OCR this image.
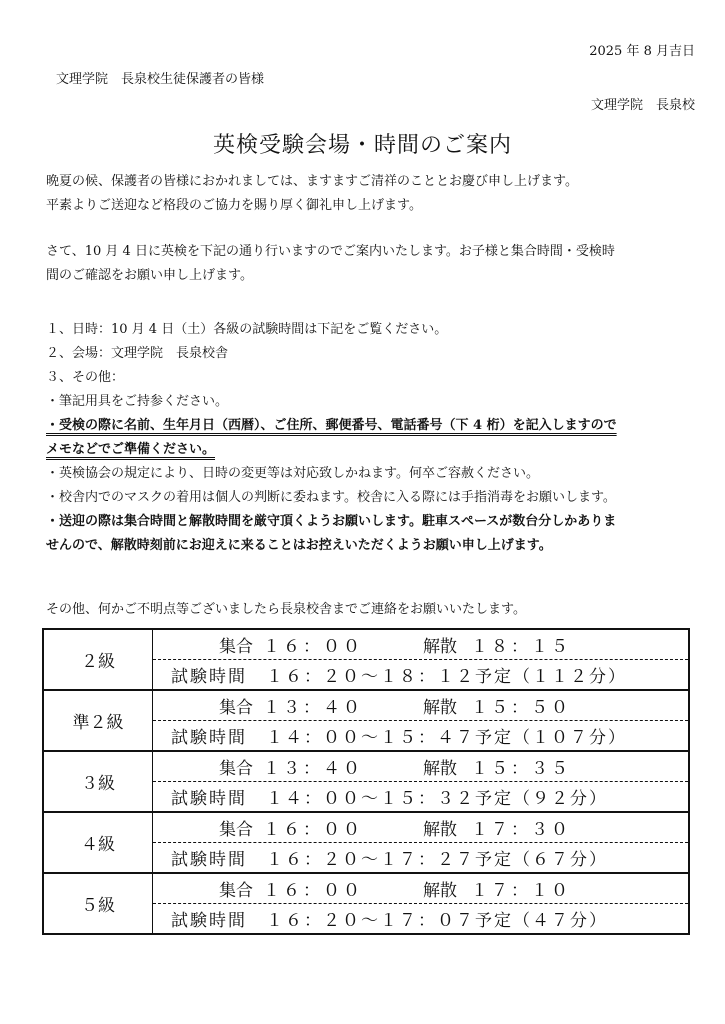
2025 年 8 月吉日
文理学院　長泉校生徒保護者の皆様
文理学院　長泉校
英検受験会場・時間のご案内
晩夏の候、保護者の皆様におかれましては、ますますご清祥のこととお慶び申し上げます。
平素よりご送迎など格段のご協力を賜り厚く御礼申し上げます。
さて、10 月 4 日に英検を下記の通り行いますのでご案内いたします。お子様と集合時間・受検時
間のご確認をお願い申し上げます。
１、日時：10 月 4 日（土）各級の試験時間は下記をご覧ください。
２、会場：文理学院　長泉校舎
３、その他：
・筆記用具をご持参ください。
・受検の際に名前、生年月日（西暦）、ご住所、郵便番号、電話番号（下 4 桁）を記入しますので
メモなどでご準備ください。
・英検協会の規定により、日時の変更等は対応致しかねます。何卒ご容赦ください。
・校舎内でのマスクの着用は個人の判断に委ねます。校舎に入る際には手指消毒をお願いします。
・送迎の際は集合時間と解散時間を厳守頂くようお願いします。駐車スペースが数台分しかありま
せんので、解散時刻前にお迎えに来ることはお控えいただくようお願い申し上げます。
その他、何かご不明点等ございましたら長泉校舎までご連絡をお願いいたします。
２級	集合 １６：００ 解散 １８：１５
	試験時間　 １６：２０～１８：１２予定（１１２分）
準２級	集合 １３：４０ 解散 １５：５０
	試験時間　 １４：００～１５：４７予定（１０７分）
３級	集合 １３：４０ 解散 １５：３５
	試験時間　 １４：００～１５：３２予定（９２分）
４級	集合 １６：００ 解散 １７：３０
	試験時間　 １６：２０～１７：２７予定（６７分）
５級	集合 １６：００ 解散 １７：１０
	試験時間　 １６：２０～１７：０７予定（４７分）
